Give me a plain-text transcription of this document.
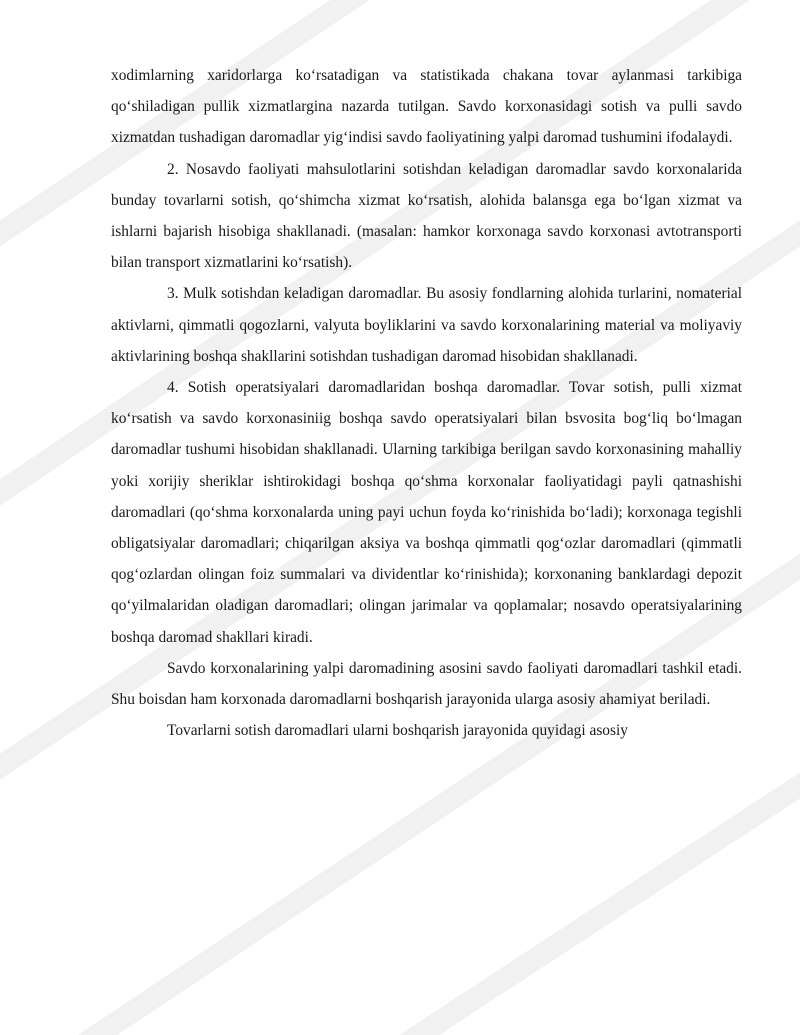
xodimlarning xaridorlarga ko‘rsatadigan va statistikada chakana tovar aylanmasi tarkibiga qo‘shiladigan pullik xizmatlargina nazarda tutilgan. Savdo korxonasidagi sotish va pulli savdo xizmatdan tushadigan daromadlar yig‘indisi savdo faoliyatining yalpi daromad tushumini ifodalaydi.

2. Nosavdo faoliyati mahsulotlarini sotishdan keladigan daromadlar savdo korxonalarida bunday tovarlarni sotish, qo‘shimcha xizmat ko‘rsatish, alohida balansga ega bo‘lgan xizmat va ishlarni bajarish hisobiga shakllanadi. (masalan: hamkor korxonaga savdo korxonasi avtotransporti bilan transport xizmatlarini ko‘rsatish).

3. Mulk sotishdan keladigan daromadlar. Bu asosiy fondlarning alohida turlarini, nomaterial aktivlarni, qimmatli qogozlarni, valyuta boyliklarini va savdo korxonalarining material va moliyaviy aktivlarining boshqa shakllarini sotishdan tushadigan daromad hisobidan shakllanadi.

4. Sotish operatsiyalari daromadlaridan boshqa daromadlar. Tovar sotish, pulli xizmat ko‘rsatish va savdo korxonasiniig boshqa savdo operatsiyalari bilan bsvosita bog‘liq bo‘lmagan daromadlar tushumi hisobidan shakllanadi. Ularning tarkibiga berilgan savdo korxonasining mahalliy yoki xorijiy sheriklar ishtirokidagi boshqa qo‘shma korxonalar faoliyatidagi payli qatnashishi daromadlari (qo‘shma korxonalarda uning payi uchun foyda ko‘rinishida bo‘ladi); korxonaga tegishli obligatsiyalar daromadlari; chiqarilgan aksiya va boshqa qimmatli qog‘ozlar daromadlari (qimmatli qog‘ozlardan olingan foiz summalari va dividentlar ko‘rinishida); korxonaning banklardagi depozit qo‘yilmalaridan oladigan daromadlari; olingan jarimalar va qoplamalar; nosavdo operatsiyalarining boshqa daromad shakllari kiradi.

Savdo korxonalarining yalpi daromadining asosini savdo faoliyati daromadlari tashkil etadi. Shu boisdan ham korxonada daromadlarni boshqarish jarayonida ularga asosiy ahamiyat beriladi.

Tovarlarni sotish daromadlari ularni boshqarish jarayonida quyidagi asosiy
